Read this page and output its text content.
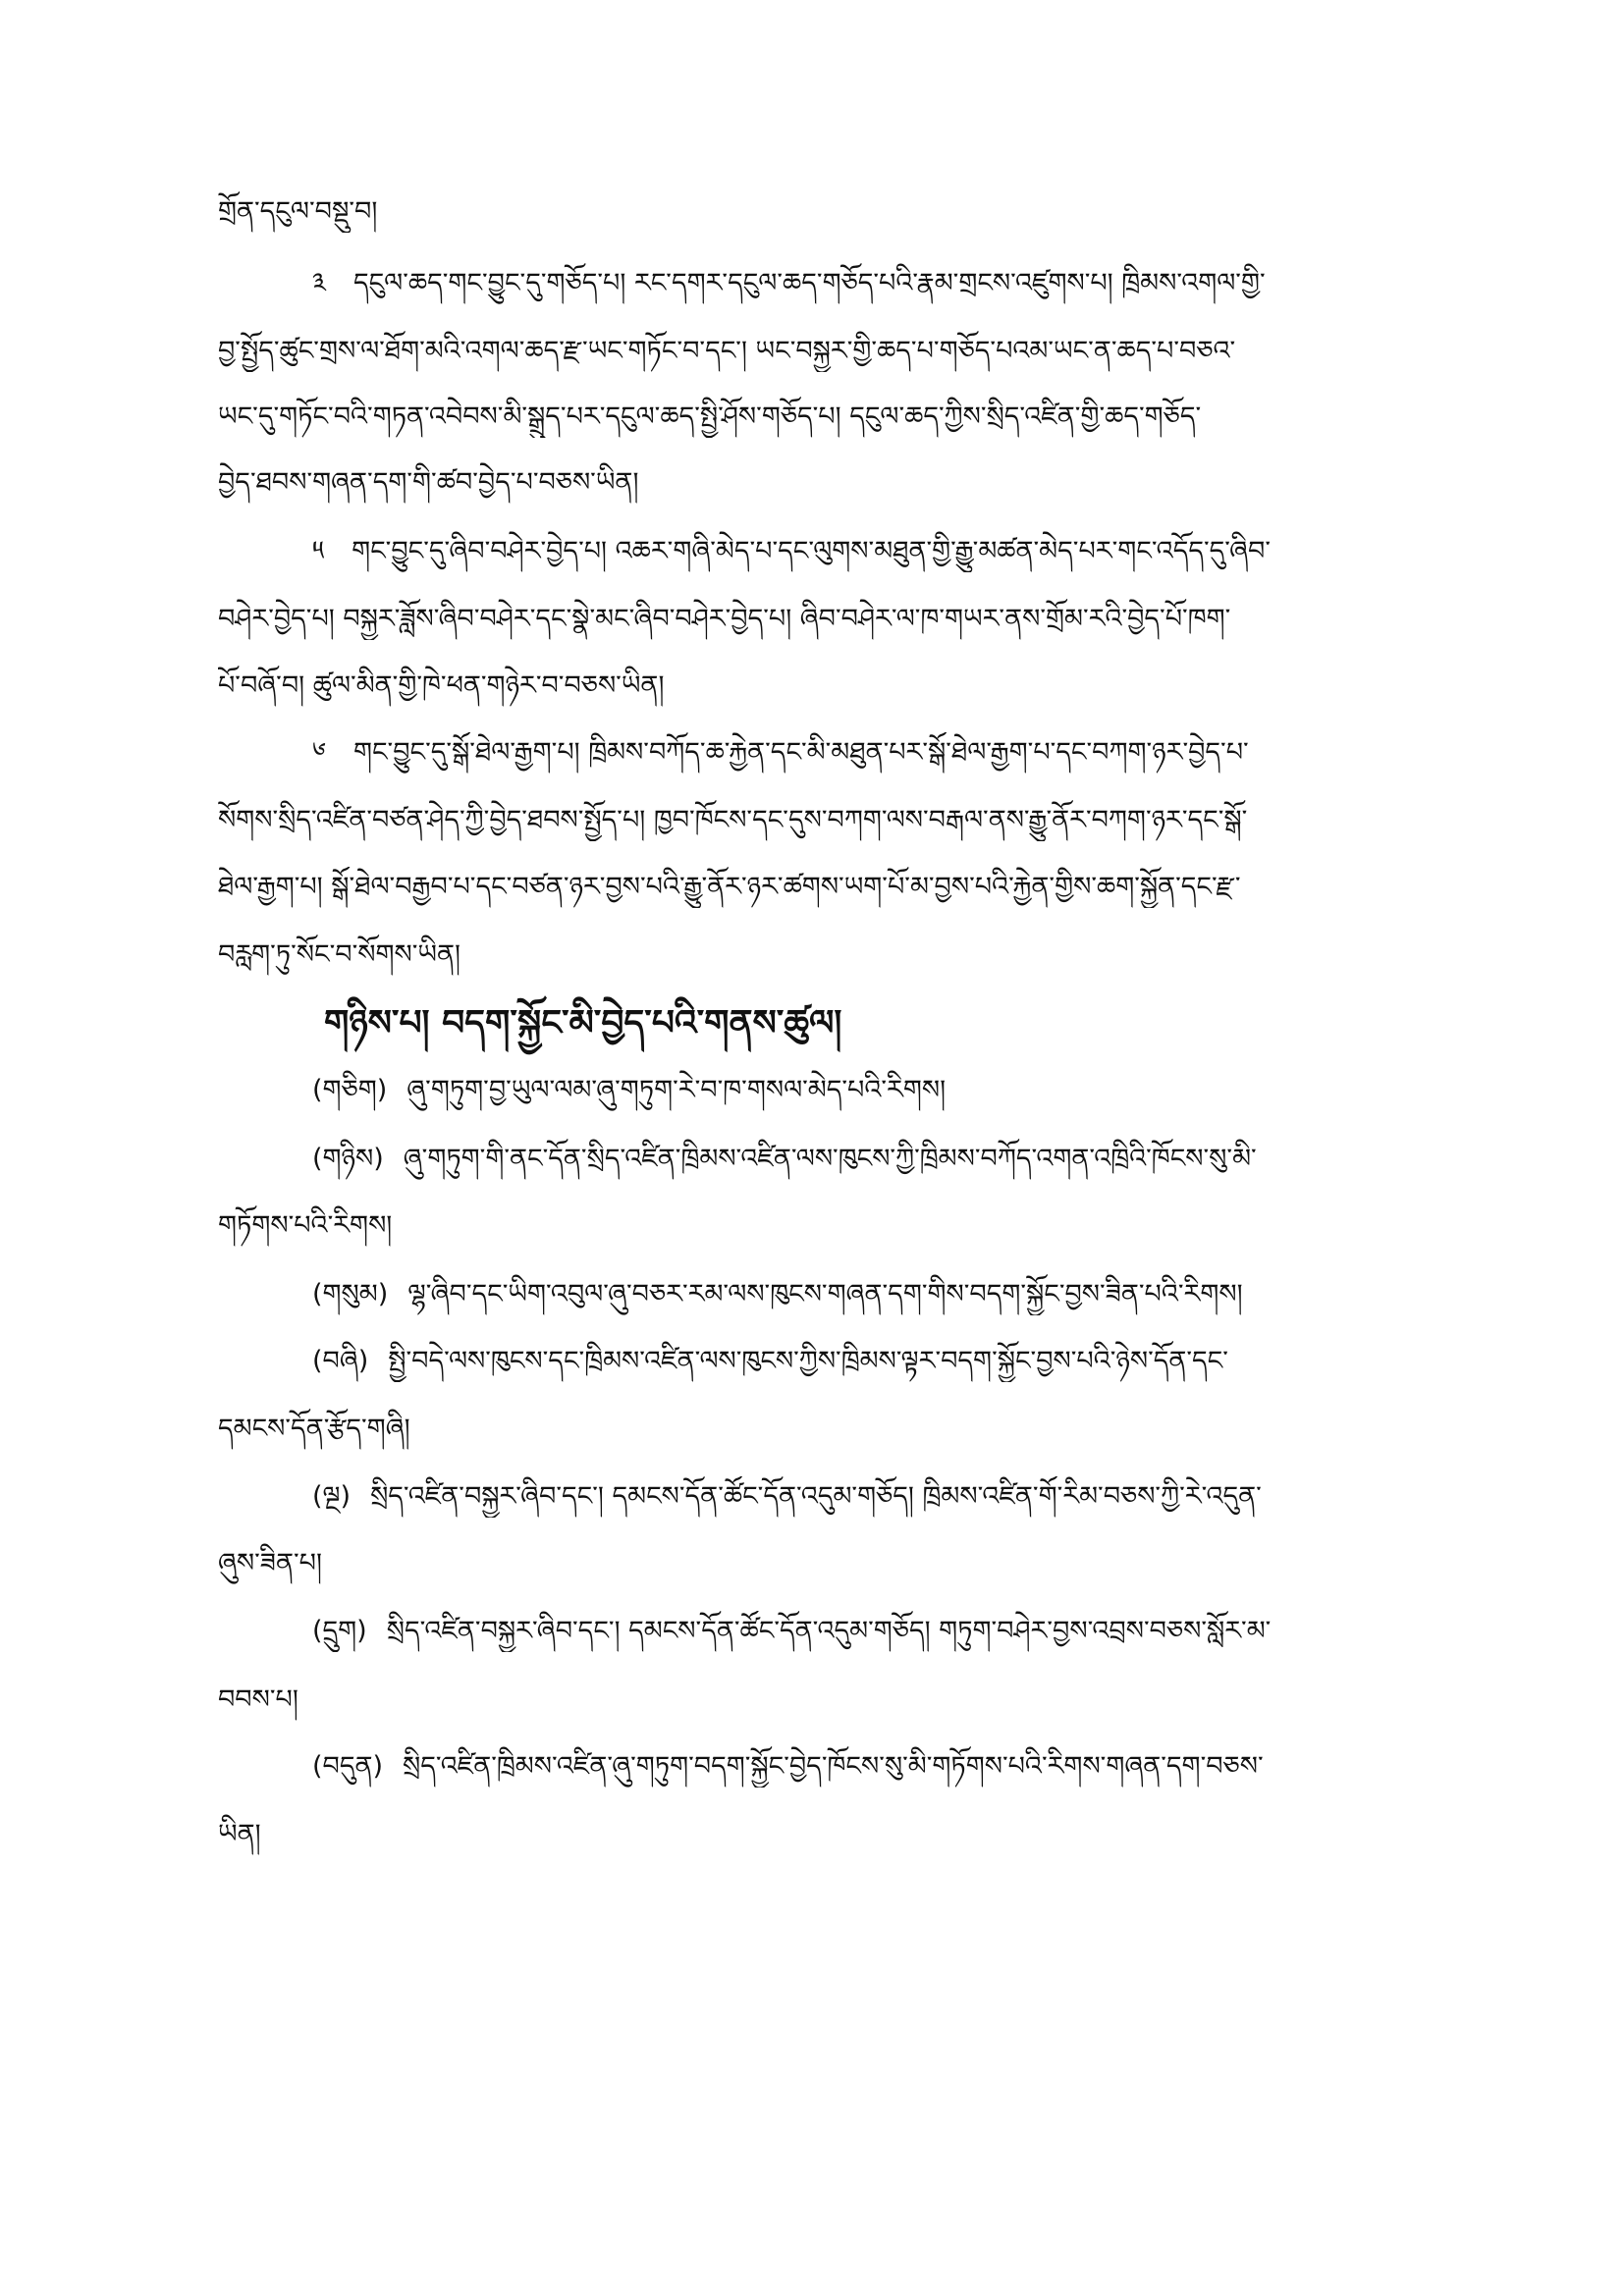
གྲོན་དངུལ་བསྡུ་བ།
༣ དངུལ་ཆད་གང་བྱུང་དུ་གཅོད་པ། རང་དགར་དངུལ་ཆད་གཅོད་པའི་རྣམ་གྲངས་འཛུགས་པ། ཁྲིམས་འགལ་གྱི་
བྱ་སྤྱོད་ཚུང་གྲས་ལ་ཐོག་མའི་འགལ་ཆད་རྫ་ཡང་གཏོང་བ་དང་། ཡང་བསྐྱར་གྱི་ཆད་པ་གཅོད་པའམ་ཡང་ན་ཆད་པ་བཅའ་
ཡང་དུ་གཏོང་བའི་གཏན་འབེབས་མི་སྒྲུད་པར་དངུལ་ཆད་སྤྱི་ཤོས་གཅོད་པ། དངུལ་ཆད་ཀྱིས་སྲིད་འཛིན་གྱི་ཆད་གཅོད་
བྱེད་ཐབས་གཞན་དག་གི་ཚབ་བྱེད་པ་བཅས་ཡིན།
༥ གང་བྱུང་དུ་ཞིབ་བཤེར་བྱེད་པ། འཆར་གཞི་མེད་པ་དང་ལུགས་མཐུན་གྱི་རྒྱུ་མཚན་མེད་པར་གང་འདོད་དུ་ཞིབ་
བཤེར་བྱེད་པ། བསྐྱར་ཟློས་ཞིབ་བཤེར་དང་སྣེ་མང་ཞིབ་བཤེར་བྱེད་པ། ཞིབ་བཤེར་ལ་ཁ་གཡར་ནས་གྲོམ་རའི་བྱེད་པོ་ཁག་
པོ་བཞོ་བ། ཚུལ་མིན་གྱི་ཁེ་ཕན་གཉེར་བ་བཅས་ཡིན།
༦ གང་བྱུང་དུ་སྒོ་ཐེལ་རྒྱག་པ། ཁྲིམས་བཀོད་ཆ་རྐྱེན་དང་མི་མཐུན་པར་སྒོ་ཐེལ་རྒྱག་པ་དང་བཀག་ཉར་བྱེད་པ་
སོགས་སྲིད་འཛིན་བཙན་ཤེད་ཀྱི་བྱེད་ཐབས་སྤྱོད་པ། ཁྱབ་ཁོངས་དང་དུས་བཀག་ལས་བརྒལ་ནས་རྒྱུ་ནོར་བཀག་ཉར་དང་སྒོ་
ཐེལ་རྒྱག་པ། སྒོ་ཐེལ་བརྒྱབ་པ་དང་བཙན་ཉར་བྱས་པའི་རྒྱུ་ནོར་ཉར་ཚགས་ཡག་པོ་མ་བྱས་པའི་རྐྱེན་གྱིས་ཆག་སྐྱོན་དང་རྫ་
བརླག་ཏུ་སོང་བ་སོགས་ཡིན།
གཉིས་པ། བདག་སྐྱོང་མི་བྱེད་པའི་གནས་ཚུལ།
(གཅིག) ཞུ་གཏུག་བྱ་ཡུལ་ལམ་ཞུ་གཏུག་རེ་བ་ཁ་གསལ་མེད་པའི་རིགས།
(གཉིས) ཞུ་གཏུག་གི་ནང་དོན་སྲིད་འཛིན་ཁྲིམས་འཛིན་ལས་ཁུངས་ཀྱི་ཁྲིམས་བཀོད་འགན་འཁྲིའི་ཁོངས་སུ་མི་
གཏོགས་པའི་རིགས།
(གསུམ) ལྷ་ཞིབ་དང་ཡིག་འབུལ་ཞུ་བཅར་རམ་ལས་ཁུངས་གཞན་དག་གིས་བདག་སྐྱོང་བྱས་ཟིན་པའི་རིགས།
(བཞི) སྤྱི་བདེ་ལས་ཁུངས་དང་ཁྲིམས་འཛིན་ལས་ཁུངས་ཀྱིས་ཁྲིམས་ལྟར་བདག་སྐྱོང་བྱས་པའི་ཉེས་དོན་དང་
དམངས་དོན་རྩོད་གཞི།
(ལྔ) སྲིད་འཛིན་བསྐྱར་ཞིབ་དང་། དམངས་དོན་ཚོང་དོན་འདུམ་གཅོད། ཁྲིམས་འཛིན་གོ་རིམ་བཅས་ཀྱི་རེ་འདུན་
ཞུས་ཟིན་པ།
(དྲུག) སྲིད་འཛིན་བསྐྱར་ཞིབ་དང་། དམངས་དོན་ཚོང་དོན་འདུམ་གཅོད། གཏུག་བཤེར་བྱས་འབྲས་བཅས་སློར་མ་
བབས་པ།
(བདུན) སྲིད་འཛིན་ཁྲིམས་འཛིན་ཞུ་གཏུག་བདག་སྐྱོང་བྱེད་ཁོངས་སུ་མི་གཏོགས་པའི་རིགས་གཞན་དག་བཅས་
ཡིན།
